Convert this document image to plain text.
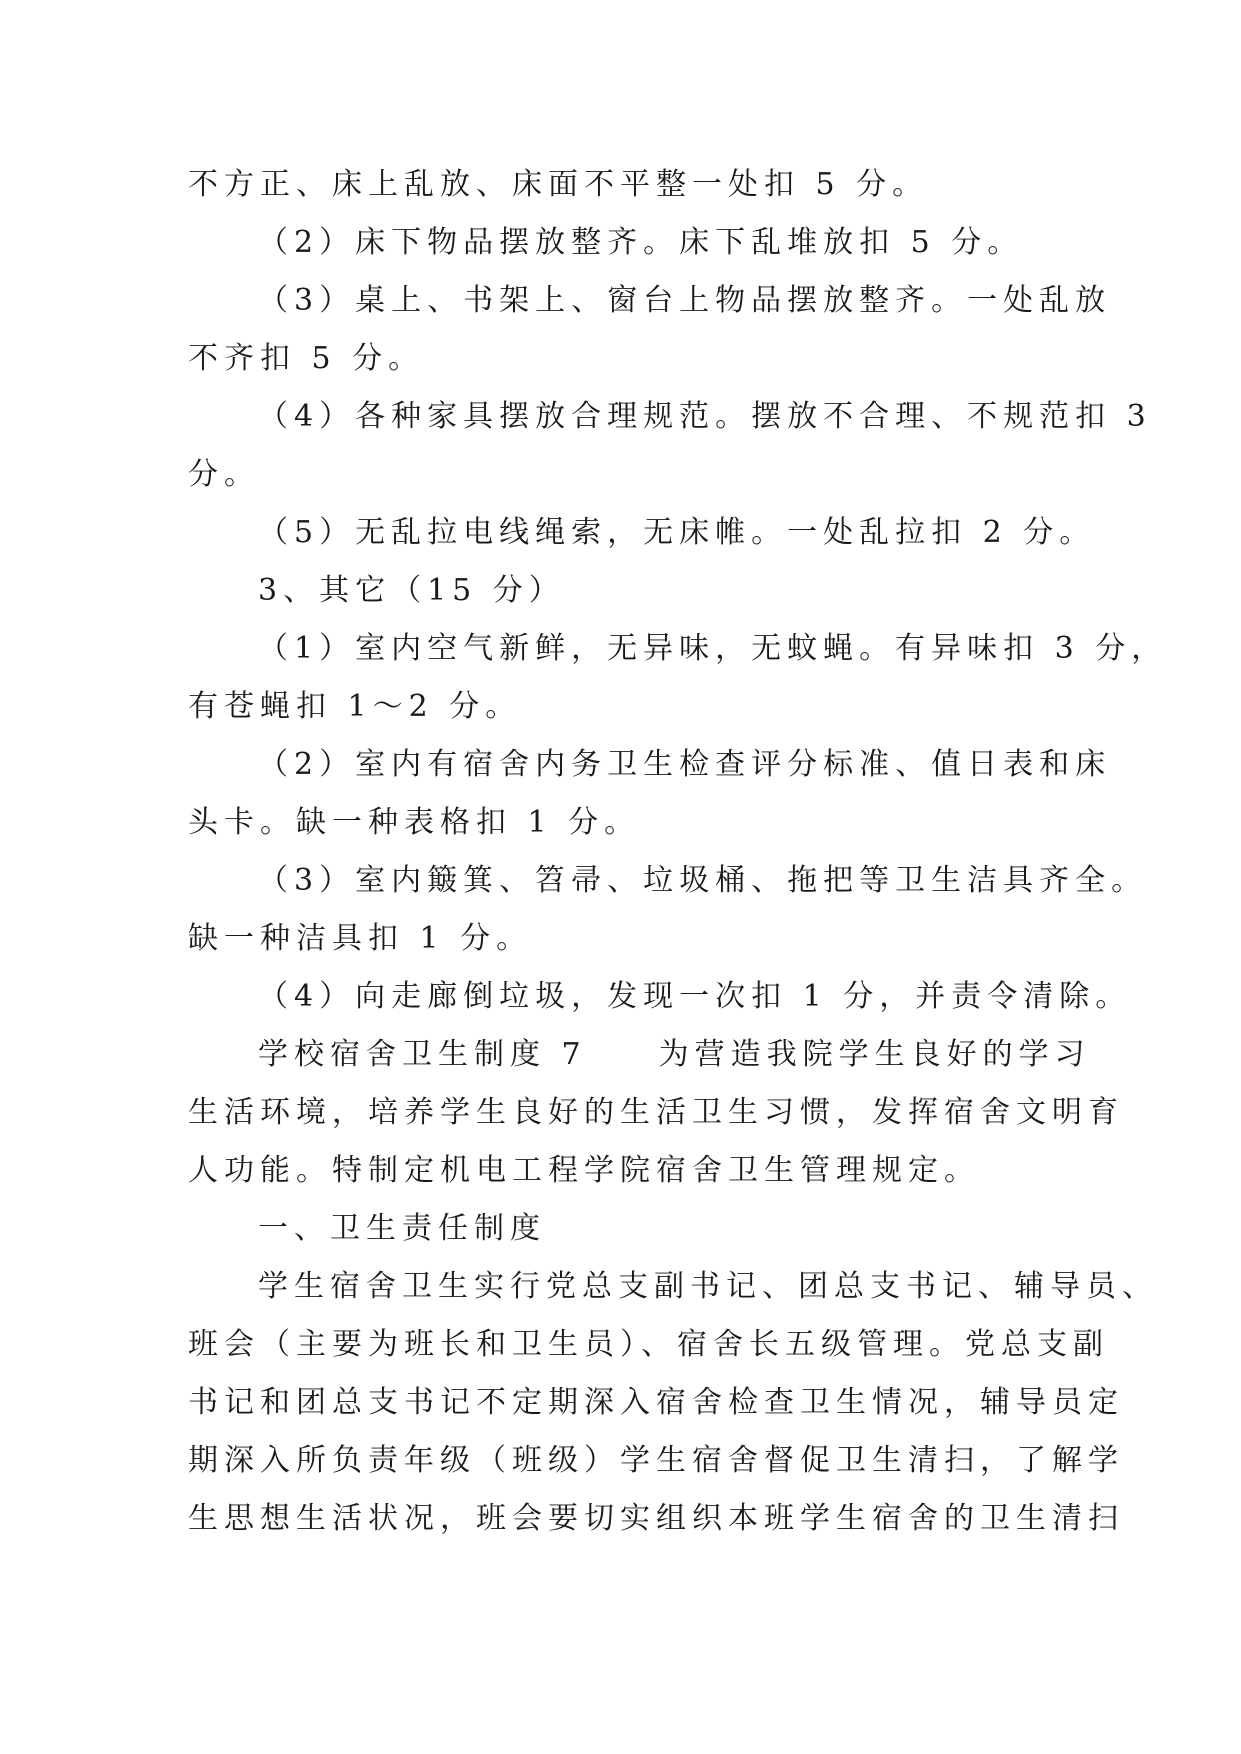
不方正、床上乱放、床面不平整一处扣 5 分。
（2）床下物品摆放整齐。床下乱堆放扣 5 分。
（3）桌上、书架上、窗台上物品摆放整齐。一处乱放
不齐扣 5 分。
（4）各种家具摆放合理规范。摆放不合理、不规范扣 3
分。
（5）无乱拉电线绳索，无床帷。一处乱拉扣 2 分。
3、其它（15 分）
（1）室内空气新鲜，无异味，无蚊蝇。有异味扣 3 分，
有苍蝇扣 1～2 分。
（2）室内有宿舍内务卫生检查评分标准、值日表和床
头卡。缺一种表格扣 1 分。
（3）室内簸箕、笤帚、垃圾桶、拖把等卫生洁具齐全。
缺一种洁具扣 1 分。
（4）向走廊倒垃圾，发现一次扣 1 分，并责令清除。
学校宿舍卫生制度 7　　为营造我院学生良好的学习
生活环境，培养学生良好的生活卫生习惯，发挥宿舍文明育
人功能。特制定机电工程学院宿舍卫生管理规定。
一、卫生责任制度
学生宿舍卫生实行党总支副书记、团总支书记、辅导员、
班会（主要为班长和卫生员）、宿舍长五级管理。党总支副
书记和团总支书记不定期深入宿舍检查卫生情况，辅导员定
期深入所负责年级（班级）学生宿舍督促卫生清扫，了解学
生思想生活状况，班会要切实组织本班学生宿舍的卫生清扫
